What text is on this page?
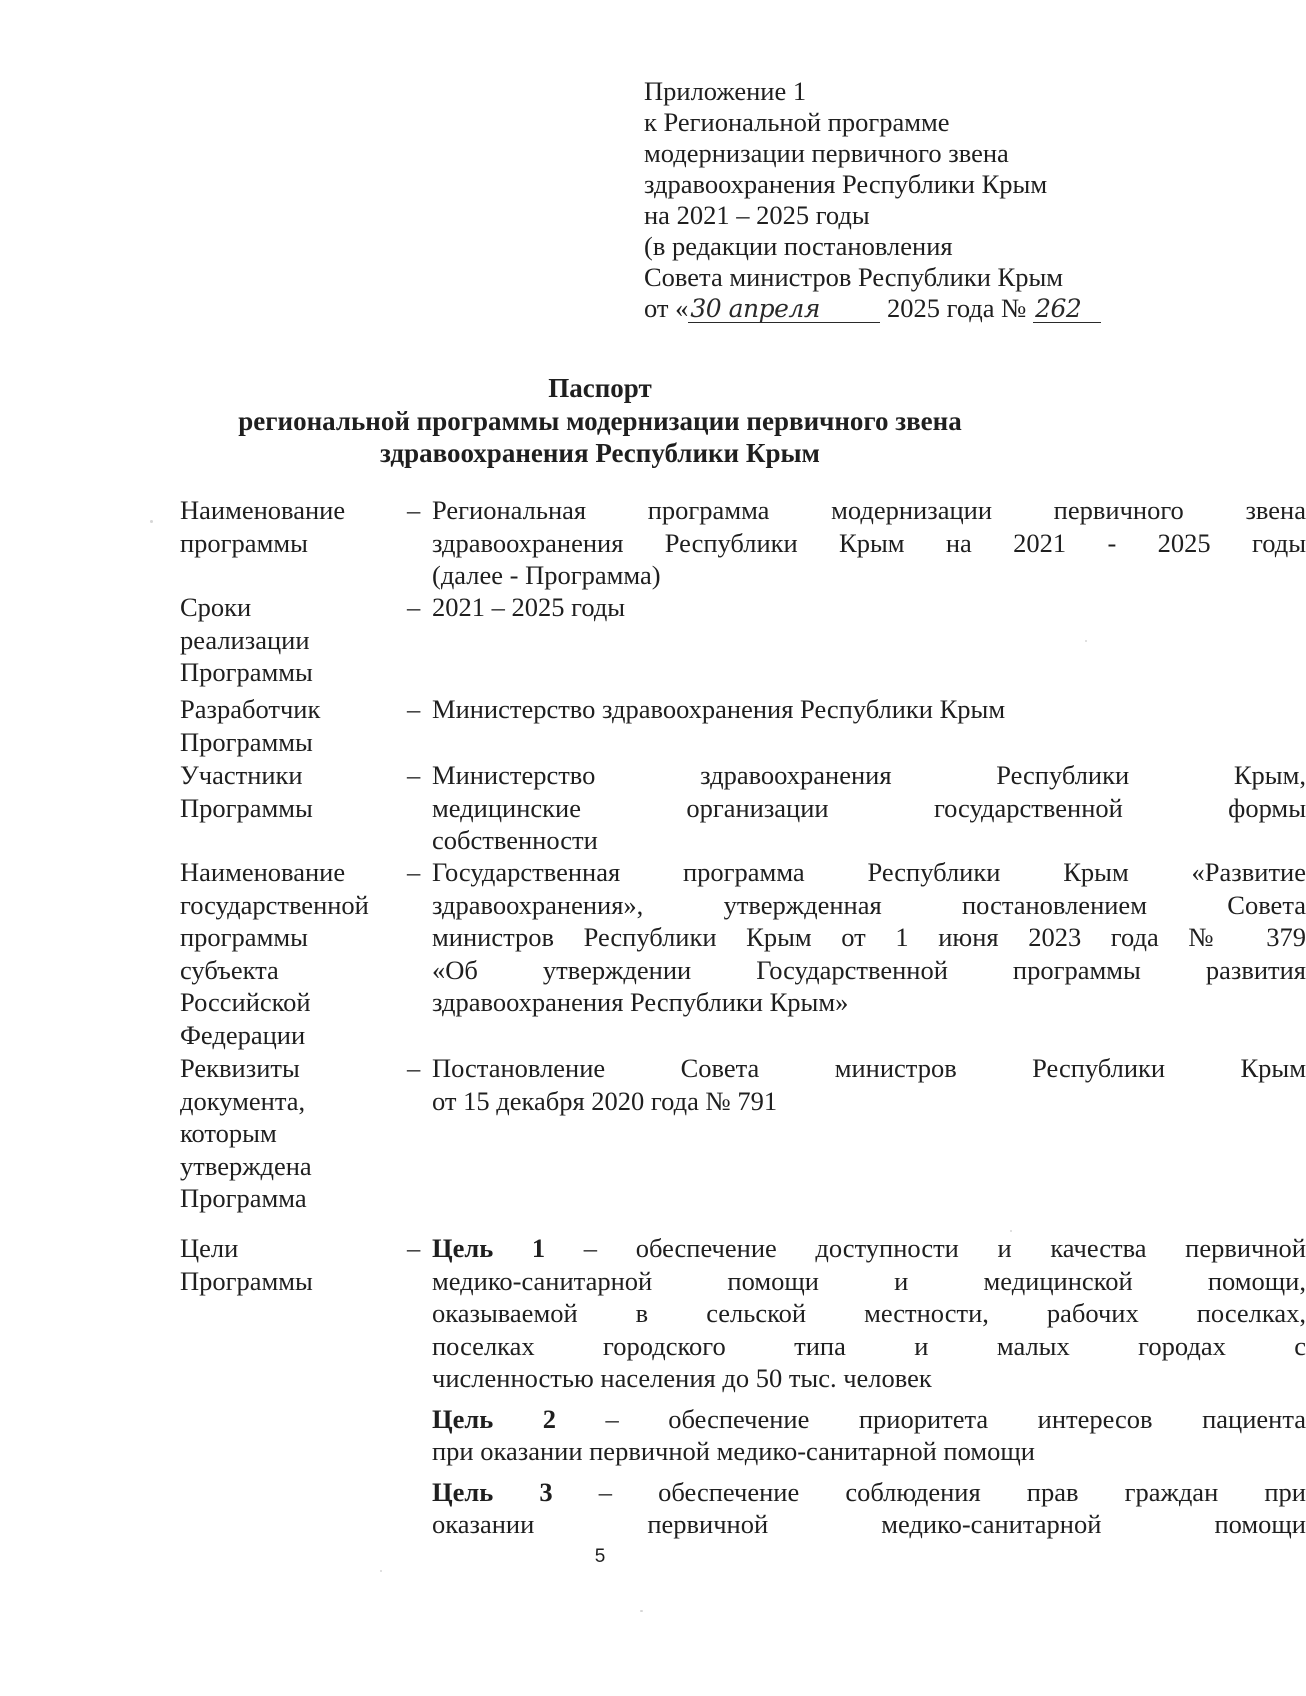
Приложение 1
к Региональной программе
модернизации первичного звена
здравоохранения Республики Крым
на 2021 – 2025 годы
(в редакции постановления
Совета министров Республики Крым
от «30 апреля 2025 года № 262
Паспорт
региональной программы модернизации первичного звена
здравоохранения Республики Крым
Наименование
программы
– Региональная программа модернизации первичного звена
здравоохранения Республики Крым на 2021 - 2025 годы
(далее - Программа)
Сроки
реализации
Программы
– 2021 – 2025 годы
Разработчик
Программы
– Министерство здравоохранения Республики Крым
Участники
Программы
– Министерство здравоохранения Республики Крым,
медицинские организации государственной формы
собственности
Наименование
государственной
программы
субъекта
Российской
Федерации
– Государственная программа Республики Крым «Развитие
здравоохранения», утвержденная постановлением Совета
министров Республики Крым от 1 июня 2023 года № 379
«Об утверждении Государственной программы развития
здравоохранения Республики Крым»
Реквизиты
документа,
которым
утверждена
Программа
– Постановление Совета министров Республики Крым
от 15 декабря 2020 года № 791
Цели
Программы
– Цель 1 – обеспечение доступности и качества первичной
медико-санитарной помощи и медицинской помощи,
оказываемой в сельской местности, рабочих поселках,
поселках городского типа и малых городах с
численностью населения до 50 тыс. человек
Цель 2 – обеспечение приоритета интересов пациента
при оказании первичной медико-санитарной помощи
Цель 3 – обеспечение соблюдения прав граждан при
оказании первичной медико-санитарной помощи
5
